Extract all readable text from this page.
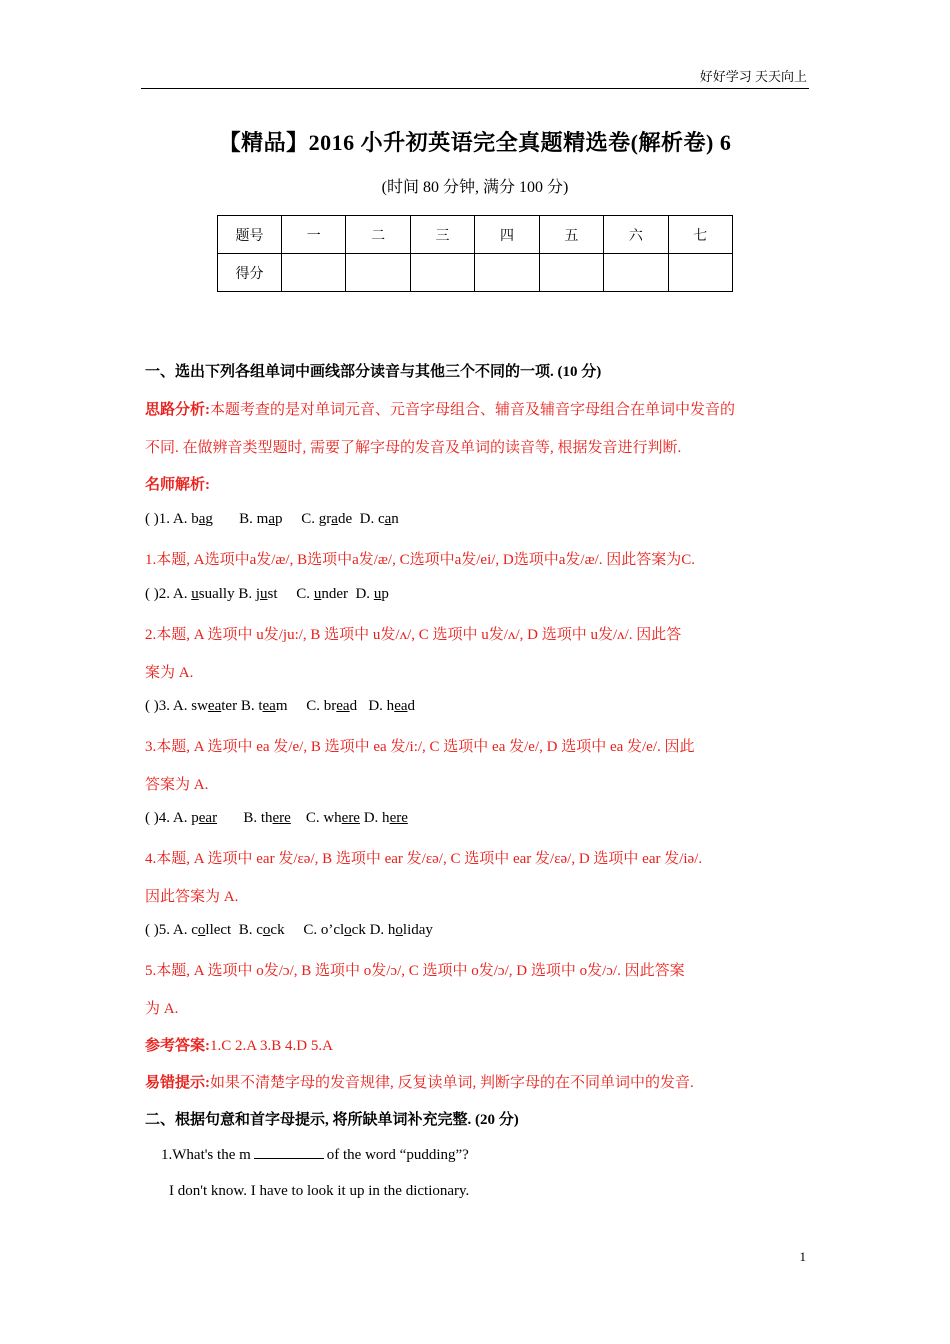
好好学习 天天向上
【精品】2016 小升初英语完全真题精选卷(解析卷) 6
(时间 80 分钟, 满分 100 分)
题号	一	二	三	四	五	六	七
得分							
一、选出下列各组单词中画线部分读音与其他三个不同的一项. (10 分)
思路分析:本题考查的是对单词元音、元音字母组合、辅音及辅音字母组合在单词中发音的
不同. 在做辨音类型题时, 需要了解字母的发音及单词的读音等, 根据发音进行判断.
名师解析:
( )1. A. bag B. map C. grade D. can
1.本题, A选项中a发/æ/, B选项中a发/æ/, C选项中a发/ei/, D选项中a发/æ/. 因此答案为C.
( )2. A. usually B. just C. under D. up
2.本题, A 选项中 u发/ju:/, B 选项中 u发/ʌ/, C 选项中 u发/ʌ/, D 选项中 u发/ʌ/. 因此答
案为 A.
( )3. A. sweater B. team C. bread D. head
3.本题, A 选项中 ea 发/e/, B 选项中 ea 发/i:/, C 选项中 ea 发/e/, D 选项中 ea 发/e/. 因此
答案为 A.
( )4. A. pear B. there C. where D. here
4.本题, A 选项中 ear 发/ɛə/, B 选项中 ear 发/ɛə/, C 选项中 ear 发/ɛə/, D 选项中 ear 发/iə/.
因此答案为 A.
( )5. A. collect B. cock C. o’clock D. holiday
5.本题, A 选项中 o发/ɔ/, B 选项中 o发/ɔ/, C 选项中 o发/ɔ/, D 选项中 o发/ɔ/. 因此答案
为 A.
参考答案:1.C 2.A 3.B 4.D 5.A
易错提示:如果不清楚字母的发音规律, 反复读单词, 判断字母的在不同单词中的发音.
二、根据句意和首字母提示, 将所缺单词补充完整. (20 分)
1.What's the m	of the word “pudding”?
I don't know. I have to look it up in the dictionary.
1
